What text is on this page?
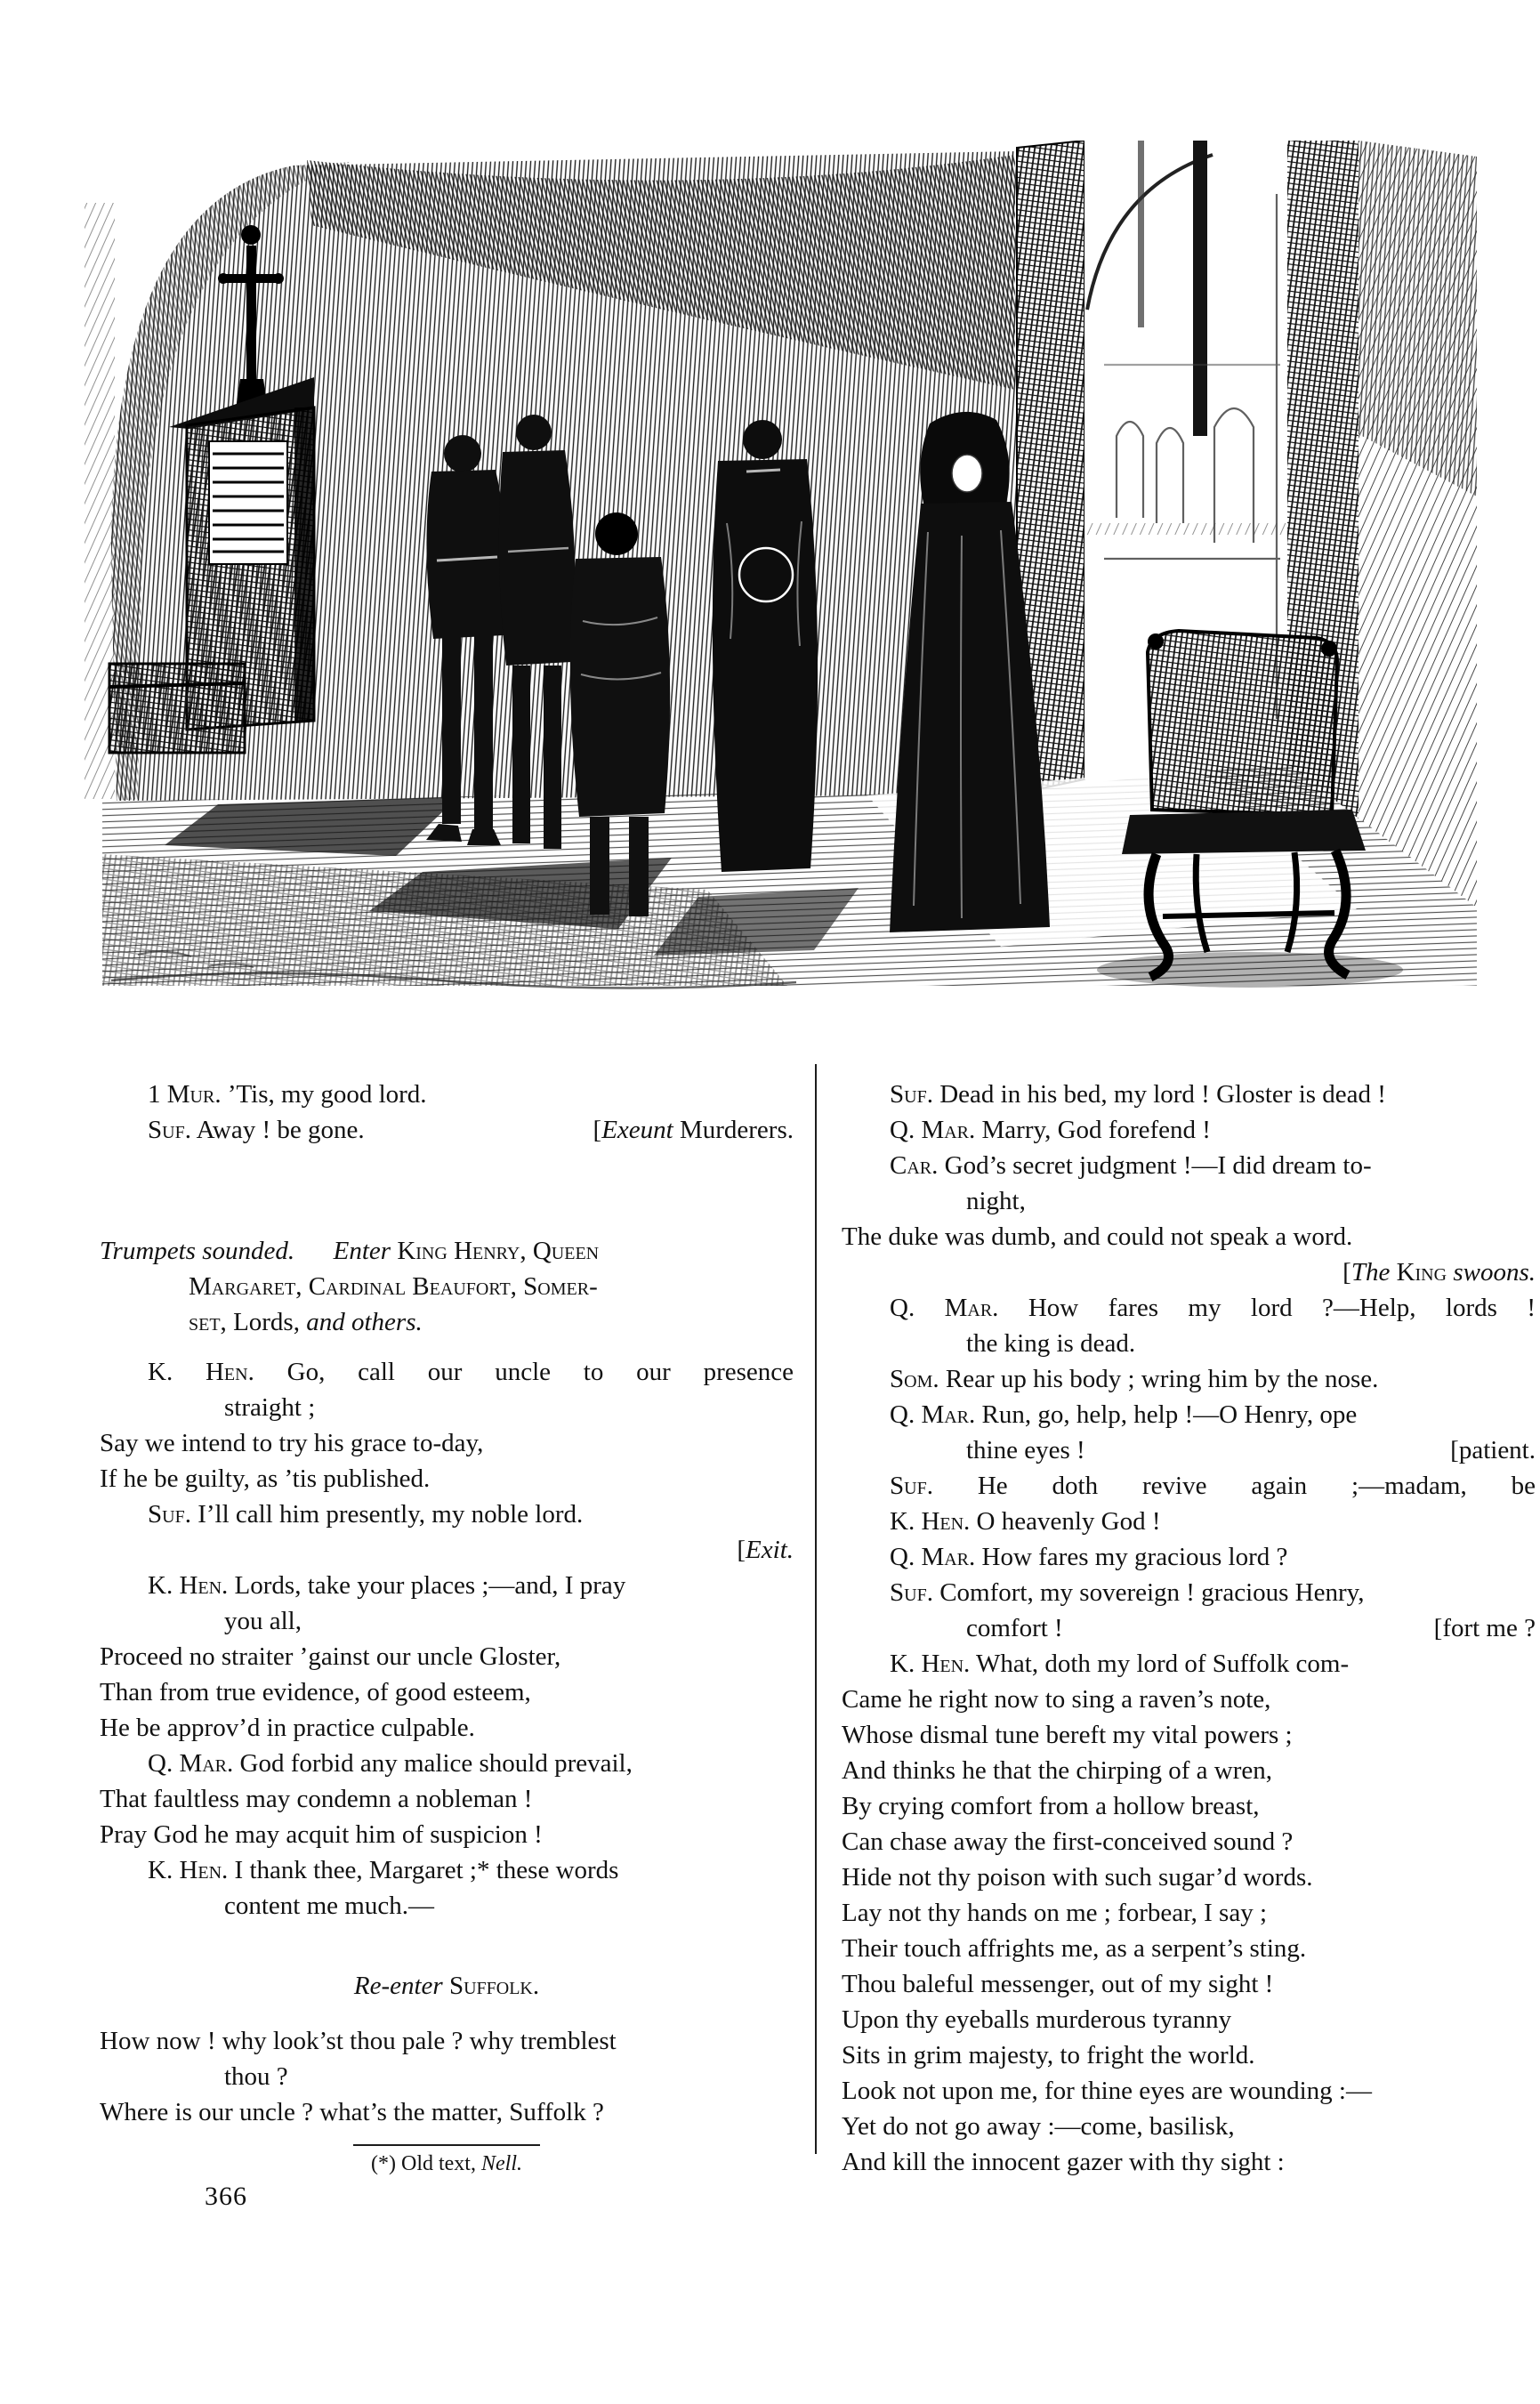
1 Mur. ’Tis, my good lord.
Suf. Away ! be gone.	[Exeunt Murderers.
Trumpets sounded.   Enter King Henry, Queen
Margaret, Cardinal Beaufort, Somer-
set, Lords, and others.
K. Hen. Go, call our uncle to our presence
straight ;
Say we intend to try his grace to-day,
If he be guilty, as ’tis published.
Suf. I’ll call him presently, my noble lord.
[Exit.
K. Hen. Lords, take your places ;—and, I pray
you all,
Proceed no straiter ’gainst our uncle Gloster,
Than from true evidence, of good esteem,
He be approv’d in practice culpable.
Q. Mar. God forbid any malice should prevail,
That faultless may condemn a nobleman !
Pray God he may acquit him of suspicion !
K. Hen. I thank thee, Margaret ;* these words
content me much.—
Re-enter Suffolk.
How now ! why look’st thou pale ? why tremblest
thou ?
Where is our uncle ? what’s the matter, Suffolk ?
(*) Old text, Nell.
Suf. Dead in his bed, my lord ! Gloster is dead !
Q. Mar. Marry, God forefend !
Car. God’s secret judgment !—I did dream to-
night,
The duke was dumb, and could not speak a word.
[The King swoons.
Q. Mar. How fares my lord ?—Help, lords !
the king is dead.
Som. Rear up his body ; wring him by the nose.
Q. Mar. Run, go, help, help !—O Henry, ope
thine eyes !	[patient.
Suf. He doth revive again ;—madam, be
K. Hen. O heavenly God !
Q. Mar. How fares my gracious lord ?
Suf. Comfort, my sovereign ! gracious Henry,
comfort !	[fort me ?
K. Hen. What, doth my lord of Suffolk com-
Came he right now to sing a raven’s note,
Whose dismal tune bereft my vital powers ;
And thinks he that the chirping of a wren,
By crying comfort from a hollow breast,
Can chase away the first-conceived sound ?
Hide not thy poison with such sugar’d words.
Lay not thy hands on me ; forbear, I say ;
Their touch affrights me, as a serpent’s sting.
Thou baleful messenger, out of my sight !
Upon thy eyeballs murderous tyranny
Sits in grim majesty, to fright the world.
Look not upon me, for thine eyes are wounding :—
Yet do not go away :—come, basilisk,
And kill the innocent gazer with thy sight :
366
